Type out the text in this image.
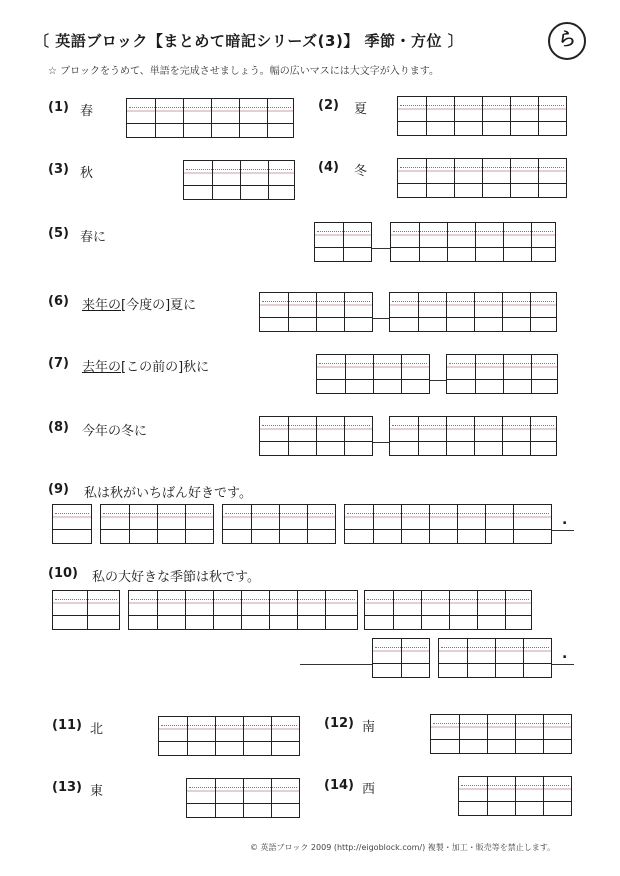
〔 英語ブロック【まとめて暗記シリーズ(3)】 季節・方位 〕	ら
☆ ブロックをうめて、単語を完成させましょう。幅の広いマスには大文字が入ります。
(1) 春	(2) 夏
(3) 秋	(4) 冬
(5) 春に
(6) 来年の[今度の]夏に
(7) 去年の[この前の]秋に
(8) 今年の冬に
(9) 私は秋がいちばん好きです。
.
(10) 私の大好きな季節は秋です。
.
(11) 北	(12) 南
(13) 東	(14) 西
© 英語ブロック 2009 (http://eigoblock.com/) 複製・加工・販売等を禁止します。
